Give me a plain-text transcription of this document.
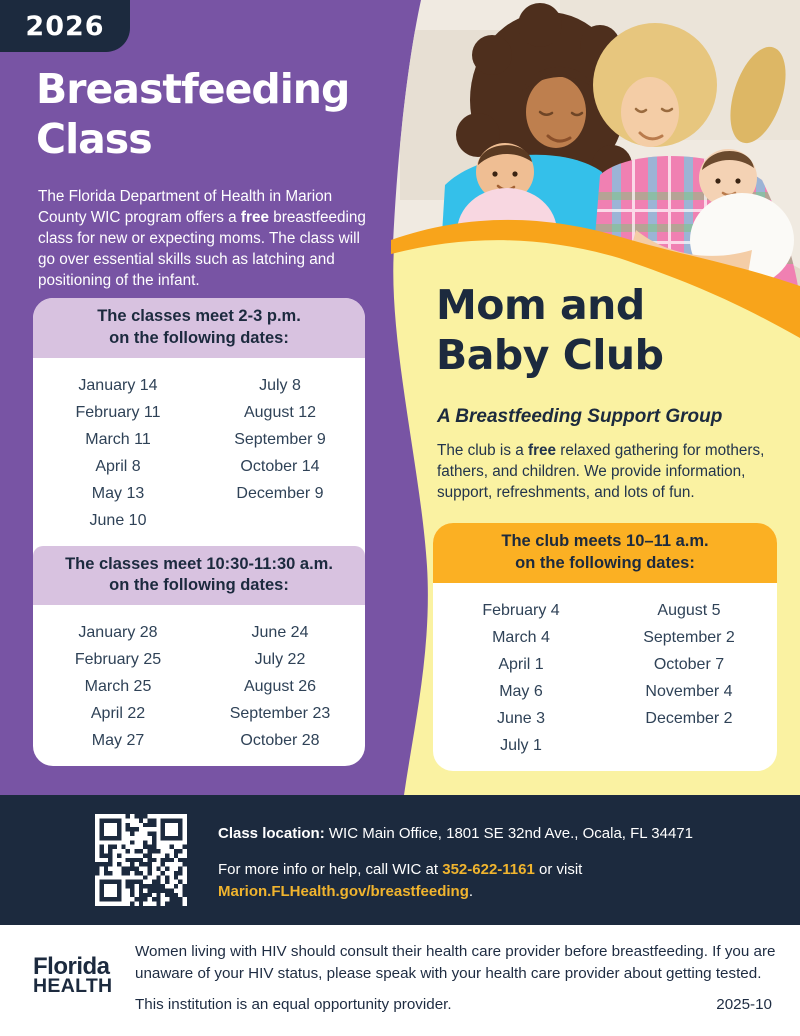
2026
Breastfeeding
Class
The Florida Department of Health in Marion County WIC program offers a free breastfeeding class for new or expecting moms. The class will go over essential skills such as latching and positioning of the infant.
The classes meet 2-3 p.m.
on the following dates:
January 14
February 11
March 11
April 8
May 13
June 10
July 8
August 12
September 9
October 14
December 9
The classes meet 10:30-11:30 a.m.
on the following dates:
January 28
February 25
March 25
April 22
May 27
June 24
July 22
August 26
September 23
October 28
Mom and
Baby Club
A Breastfeeding Support Group
The club is a free relaxed gathering for mothers, fathers, and children. We provide information, support, refreshments, and lots of fun.
The club meets 10–11 a.m.
on the following dates:
February 4
March 4
April 1
May 6
June 3
July 1
August 5
September 2
October 7
November 4
December 2
Class location: WIC Main Office, 1801 SE 32nd Ave., Ocala, FL 34471
For more info or help, call WIC at 352-622-1161 or visit
Marion.FLHealth.gov/breastfeeding.
Florida
HEALTH
Women living with HIV should consult their health care provider before breastfeeding. If you are unaware of your HIV status, please speak with your health care provider about getting tested.
This institution is an equal opportunity provider.	2025-10
